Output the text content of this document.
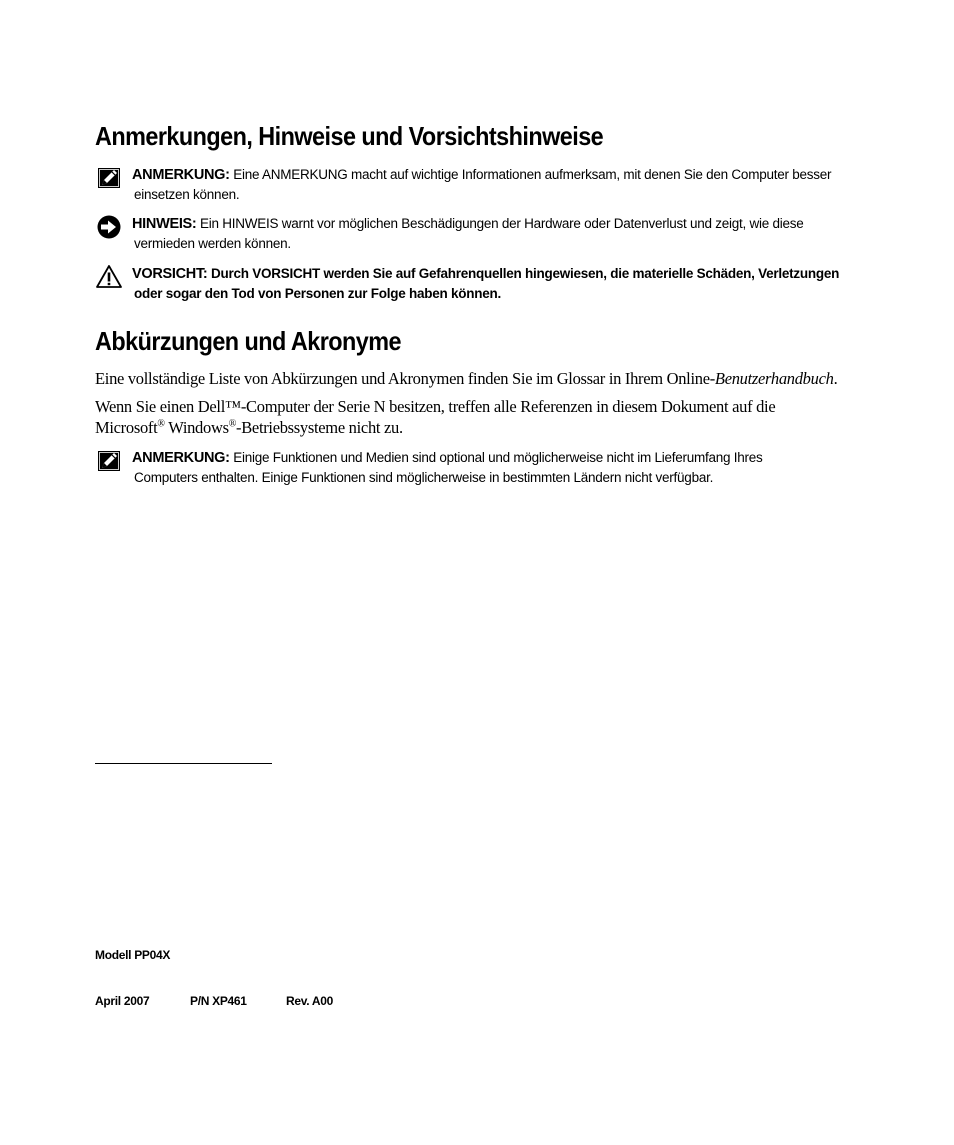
Anmerkungen, Hinweise und Vorsichtshinweise
ANMERKUNG: Eine ANMERKUNG macht auf wichtige Informationen aufmerksam, mit denen Sie den Computer besser
einsetzen können.
HINWEIS: Ein HINWEIS warnt vor möglichen Beschädigungen der Hardware oder Datenverlust und zeigt, wie diese
vermieden werden können.
VORSICHT: Durch VORSICHT werden Sie auf Gefahrenquellen hingewiesen, die materielle Schäden, Verletzungen
oder sogar den Tod von Personen zur Folge haben können.
Abkürzungen und Akronyme

Eine vollständige Liste von Abkürzungen und Akronymen finden Sie im Glossar in Ihrem Online-Benutzerhandbuch.

Wenn Sie einen Dell™-Computer der Serie N besitzen, treffen alle Referenzen in diesem Dokument auf die
Microsoft® Windows®-Betriebssysteme nicht zu.

ANMERKUNG: Einige Funktionen und Medien sind optional und möglicherweise nicht im Lieferumfang Ihres
Computers enthalten. Einige Funktionen sind möglicherweise in bestimmten Ländern nicht verfügbar.
Modell PP04X
April 2007	P/N XP461	Rev. A00
